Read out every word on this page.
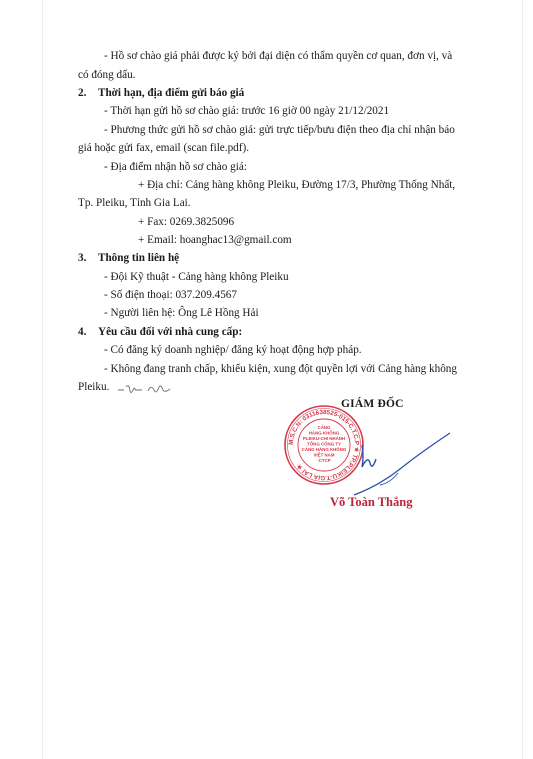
- Hồ sơ chào giá phải được ký bởi đại diện có thẩm quyền cơ quan, đơn vị, và
có đóng dấu.
2. Thời hạn, địa điểm gửi báo giá
- Thời hạn gửi hồ sơ chào giá: trước 16 giờ 00 ngày 21/12/2021
- Phương thức gửi hồ sơ chào giá: gửi trực tiếp/bưu điện theo địa chỉ nhận báo
giá hoặc gửi fax, email (scan file.pdf).
- Địa điểm nhận hồ sơ chào giá:
+ Địa chỉ: Cảng hàng không Pleiku, Đường 17/3, Phường Thống Nhất,
Tp. Pleiku, Tỉnh Gia Lai.
+ Fax: 0269.3825096
+ Email: hoanghac13@gmail.com
3. Thông tin liên hệ
- Đội Kỹ thuật - Cảng hàng không Pleiku
- Số điện thoại: 037.209.4567
- Người liên hệ: Ông Lê Hồng Hải
4. Yêu cầu đối với nhà cung cấp:
- Có đăng ký doanh nghiệp/ đăng ký hoạt động hợp pháp.
- Không đang tranh chấp, khiếu kiện, xung đột quyền lợi với Cảng hàng không
Pleiku.
GIÁM ĐỐC
M.S.C.N: 0311638525-015-C.T.C.P ★ TP.PLEIKU-T.GIA LAI ★
CẢNG
HÀNG KHÔNG
PLEIKU-CHI NHÁNH
TỔNG CÔNG TY
CẢNG HÀNG KHÔNG
VIỆT NAM
-CTCP
Võ Toàn Thắng
